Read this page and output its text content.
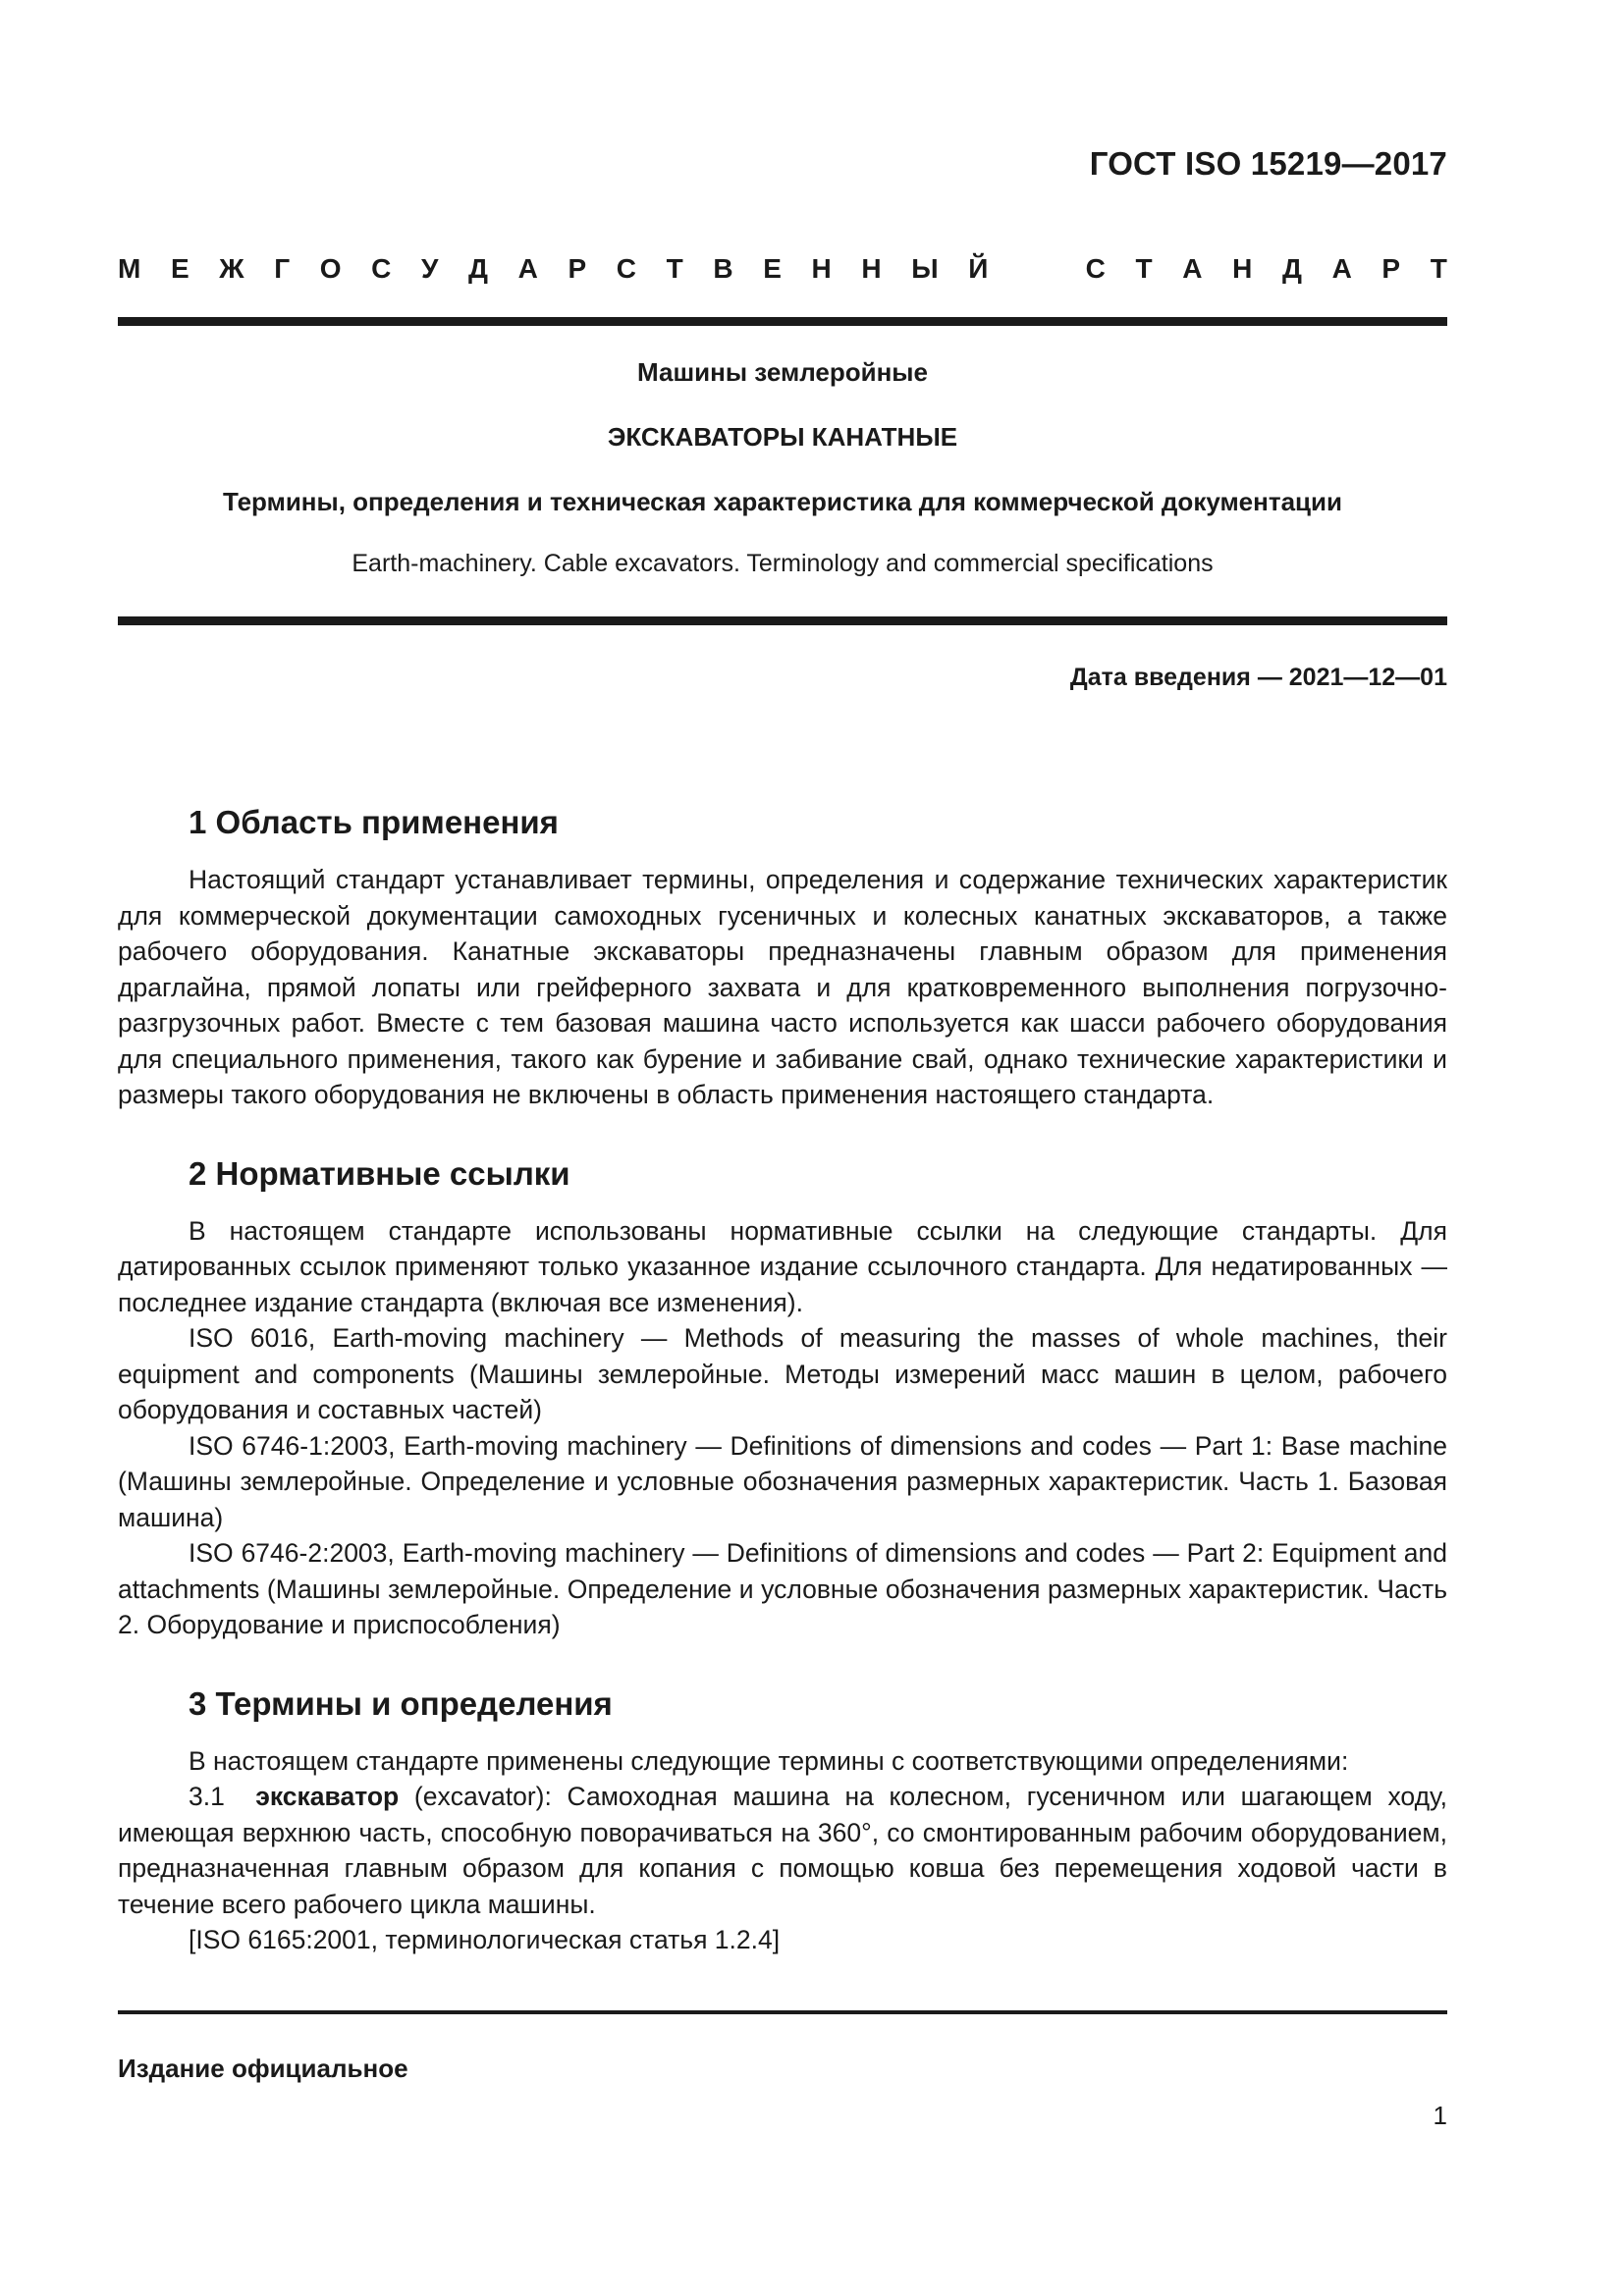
ГОСТ ISO 15219—2017
М Е Ж Г О С У Д А Р С Т В Е Н Н Ы Й	С Т А Н Д А Р Т
Машины землеройные
ЭКСКАВАТОРЫ КАНАТНЫЕ
Термины, определения и техническая характеристика для коммерческой документации
Earth-machinery. Cable excavators. Terminology and commercial specifications
Дата введения — 2021—12—01
1 Область применения

Настоящий стандарт устанавливает термины, определения и содержание технических характеристик для коммерческой документации самоходных гусеничных и колесных канатных экскаваторов, а также рабочего оборудования. Канатные экскаваторы предназначены главным образом для применения драглайна, прямой лопаты или грейферного захвата и для кратковременного выполнения погрузочно-разгрузочных работ. Вместе с тем базовая машина часто используется как шасси рабочего оборудования для специального применения, такого как бурение и забивание свай, однако технические характеристики и размеры такого оборудования не включены в область применения настоящего стандарта.

2 Нормативные ссылки

В настоящем стандарте использованы нормативные ссылки на следующие стандарты. Для датированных ссылок применяют только указанное издание ссылочного стандарта. Для недатированных — последнее издание стандарта (включая все изменения).

ISO 6016, Earth-moving machinery — Methods of measuring the masses of whole machines, their equipment and components (Машины землеройные. Методы измерений масс машин в целом, рабочего оборудования и составных частей)

ISO 6746-1:2003, Earth-moving machinery — Definitions of dimensions and codes — Part 1: Base machine (Машины землеройные. Определение и условные обозначения размерных характеристик. Часть 1. Базовая машина)

ISO 6746-2:2003, Earth-moving machinery — Definitions of dimensions and codes — Part 2: Equipment and attachments (Машины землеройные. Определение и условные обозначения размерных характеристик. Часть 2. Оборудование и приспособления)

3 Термины и определения

В настоящем стандарте применены следующие термины с соответствующими определениями:

3.1 экскаватор (excavator): Самоходная машина на колесном, гусеничном или шагающем ходу, имеющая верхнюю часть, способную поворачиваться на 360°, со смонтированным рабочим оборудованием, предназначенная главным образом для копания с помощью ковша без перемещения ходовой части в течение всего рабочего цикла машины.

[ISO 6165:2001, терминологическая статья 1.2.4]

Издание официальное
1
